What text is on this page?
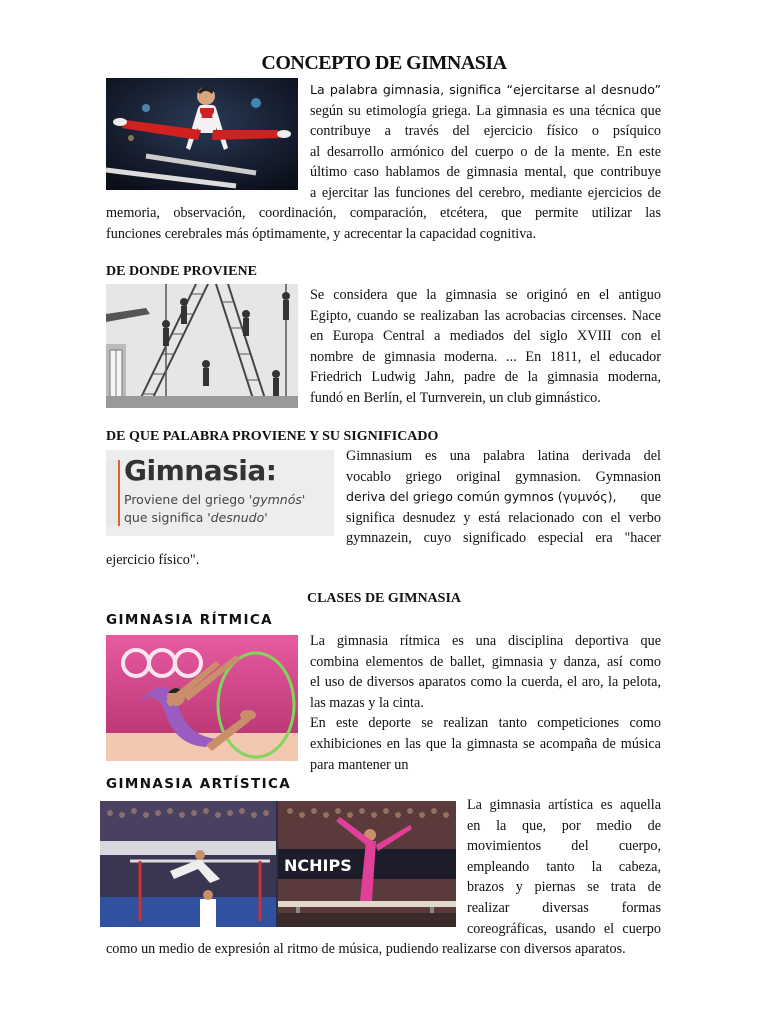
CONCEPTO DE GIMNASIA
La palabra gimnasia, significa “ejercitarse al desnudo”
según su etimología griega. La gimnasia es una técnica que
contribuye a través del ejercicio físico o psíquico
al desarrollo armónico del cuerpo o de la mente. En este
último caso hablamos de gimnasia mental, que contribuye
a ejercitar las funciones del cerebro, mediante ejercicios de
memoria, observación, coordinación, comparación, etcétera, que permite utilizar las
funciones cerebrales más óptimamente, y acrecentar la capacidad cognitiva.
DE DONDE PROVIENE
Se considera que la gimnasia se originó en el antiguo
Egipto, cuando se realizaban las acrobacias circenses. Nace
en Europa Central a mediados del siglo XVIII con el
nombre de gimnasia moderna. ... En 1811, el educador
Friedrich Ludwig Jahn, padre de la gimnasia moderna,
fundó en Berlín, el Turnverein, un club gimnástico.
DE QUE PALABRA PROVIENE Y SU SIGNIFICADO
Gimnasia:
Proviene del griego 'gymnós'
que significa 'desnudo'
Gimnasium es una palabra latina derivada del
vocablo griego original gymnasion. Gymnasion
deriva del griego común gymnos (γυμνός), que
significa desnudez y está relacionado con el verbo
gymnazein, cuyo significado especial era "hacer
ejercicio físico".
CLASES DE GIMNASIA
GIMNASIA RÍTMICA
La gimnasia rítmica es una disciplina deportiva que
combina elementos de ballet, gimnasia y danza, así como
el uso de diversos aparatos como la cuerda, el aro, la pelota,
las mazas y la cinta.
En este deporte se realizan tanto competiciones como
exhibiciones en las que la gimnasta se acompaña de música
para mantener un
GIMNASIA ARTÍSTICA
NCHIPS
La gimnasia artística es aquella
en la que, por medio de
movimientos del cuerpo,
empleando tanto la cabeza,
brazos y piernas se trata de
realizar diversas formas
coreográficas, usando el cuerpo
como un medio de expresión al ritmo de música, pudiendo realizarse con diversos aparatos.
